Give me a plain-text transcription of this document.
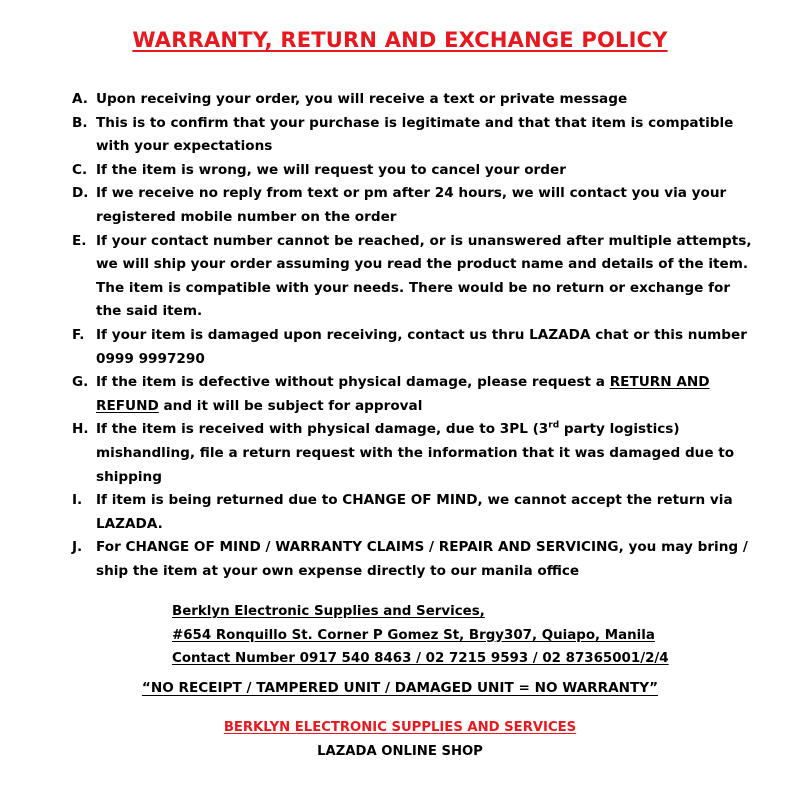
WARRANTY, RETURN AND EXCHANGE POLICY
A. Upon receiving your order, you will receive a text or private message
B. This is to confirm that your purchase is legitimate and that that item is compatible with your expectations
C. If the item is wrong, we will request you to cancel your order
D. If we receive no reply from text or pm after 24 hours, we will contact you via your registered mobile number on the order
E. If your contact number cannot be reached, or is unanswered after multiple attempts, we will ship your order assuming you read the product name and details of the item. The item is compatible with your needs. There would be no return or exchange for the said item.
F. If your item is damaged upon receiving, contact us thru LAZADA chat or this number 0999 9997290
G. If the item is defective without physical damage, please request a RETURN AND REFUND and it will be subject for approval
H. If the item is received with physical damage, due to 3PL (3rd party logistics) mishandling, file a return request with the information that it was damaged due to shipping
I.	If item is being returned due to CHANGE OF MIND, we cannot accept the return via LAZADA.
J.	For CHANGE OF MIND / WARRANTY CLAIMS / REPAIR AND SERVICING, you may bring / ship the item at your own expense directly to our manila office
Berklyn Electronic Supplies and Services,
#654 Ronquillo St. Corner P Gomez St, Brgy307, Quiapo, Manila
Contact Number 0917 540 8463 / 02 7215 9593 / 02 87365001/2/4
“NO RECEIPT / TAMPERED UNIT / DAMAGED UNIT = NO WARRANTY”
BERKLYN ELECTRONIC SUPPLIES AND SERVICES
LAZADA ONLINE SHOP
